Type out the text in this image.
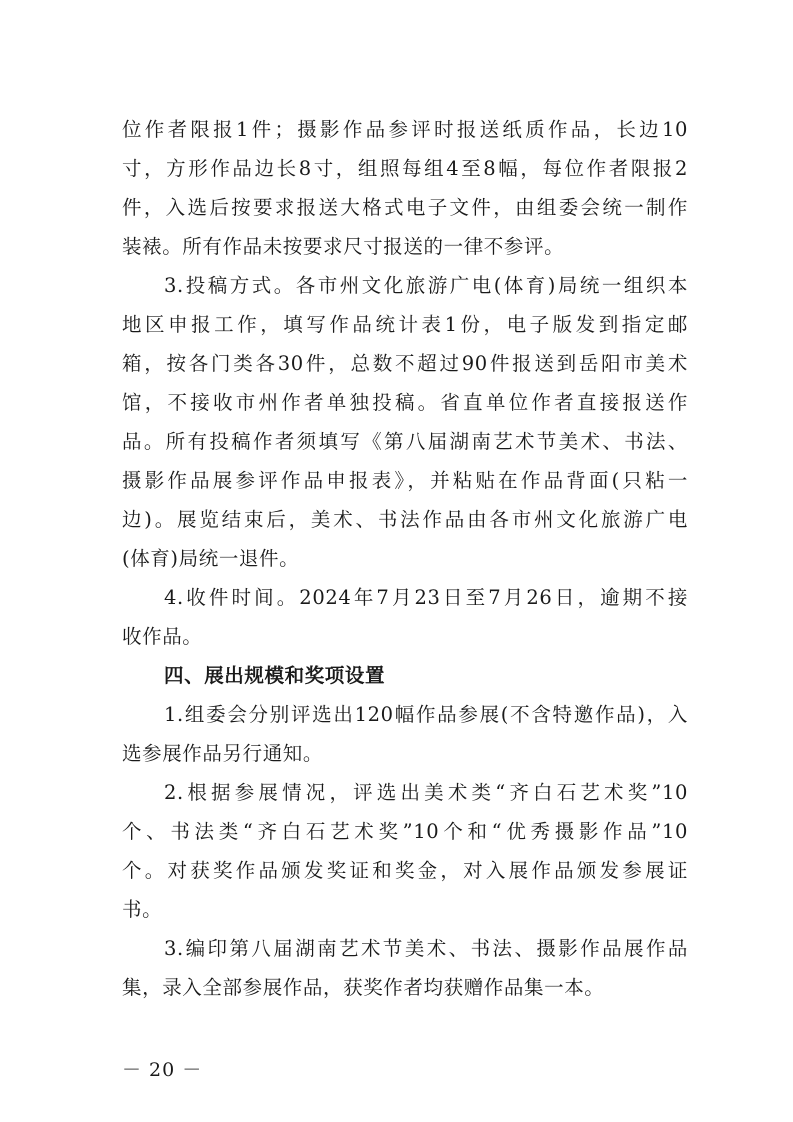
位作者限报1件；摄影作品参评时报送纸质作品，长边10
寸，方形作品边长8寸，组照每组4至8幅，每位作者限报2
件，入选后按要求报送大格式电子文件，由组委会统一制作
装裱。所有作品未按要求尺寸报送的一律不参评。
3.投稿方式。各市州文化旅游广电(体育)局统一组织本
地区申报工作，填写作品统计表1份，电子版发到指定邮
箱，按各门类各30件，总数不超过90件报送到岳阳市美术
馆，不接收市州作者单独投稿。省直单位作者直接报送作
品。所有投稿作者须填写《第八届湖南艺术节美术、书法、
摄影作品展参评作品申报表》，并粘贴在作品背面(只粘一
边)。展览结束后，美术、书法作品由各市州文化旅游广电
(体育)局统一退件。
4.收件时间。2024年7月23日至7月26日，逾期不接
收作品。
四、展出规模和奖项设置
1.组委会分别评选出120幅作品参展(不含特邀作品)，入
选参展作品另行通知。
2.根据参展情况，评选出美术类“齐白石艺术奖”10
个、书法类“齐白石艺术奖”10个和“优秀摄影作品”10
个。对获奖作品颁发奖证和奖金，对入展作品颁发参展证
书。
3.编印第八届湖南艺术节美术、书法、摄影作品展作品
集，录入全部参展作品，获奖作者均获赠作品集一本。
－ 20 －
